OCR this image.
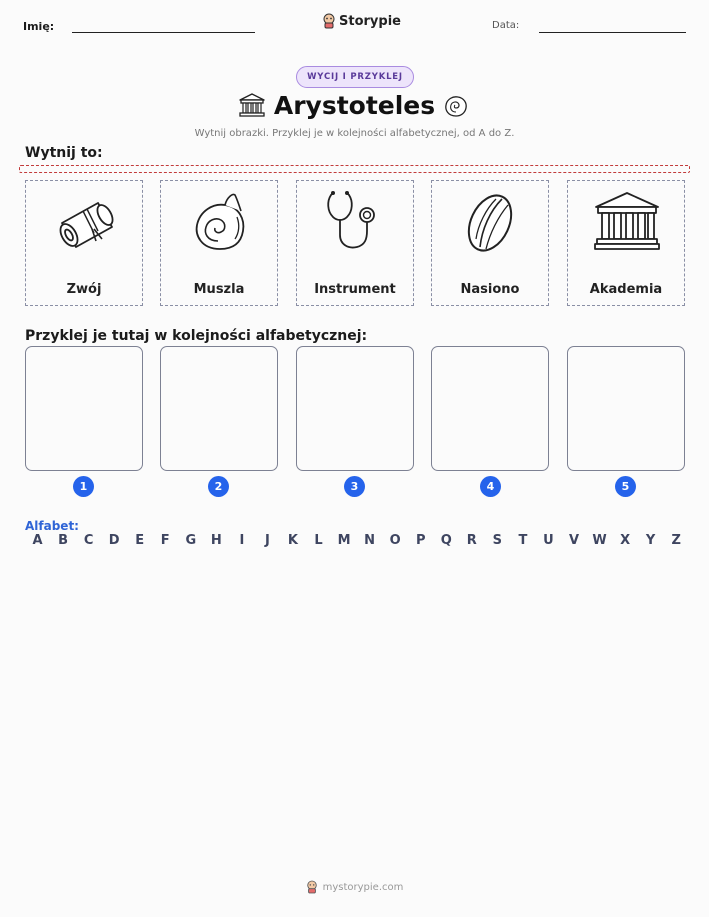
Imię:	Storypie	Data:
WYCIJ I PRZYKLEJ
Arystoteles
Wytnij obrazki. Przyklej je w kolejności alfabetycznej, od A do Z.
Wytnij to:
Zwój	Muszla	Instrument	Nasiono	Akademia
Przyklej je tutaj w kolejności alfabetycznej:
1	2	3	4	5
Alfabet:
A	B	C	D	E	F	G	H	I	J	K	L	M	N	O	P	Q	R	S	T	U	V	W	X	Y	Z
mystorypie.com
